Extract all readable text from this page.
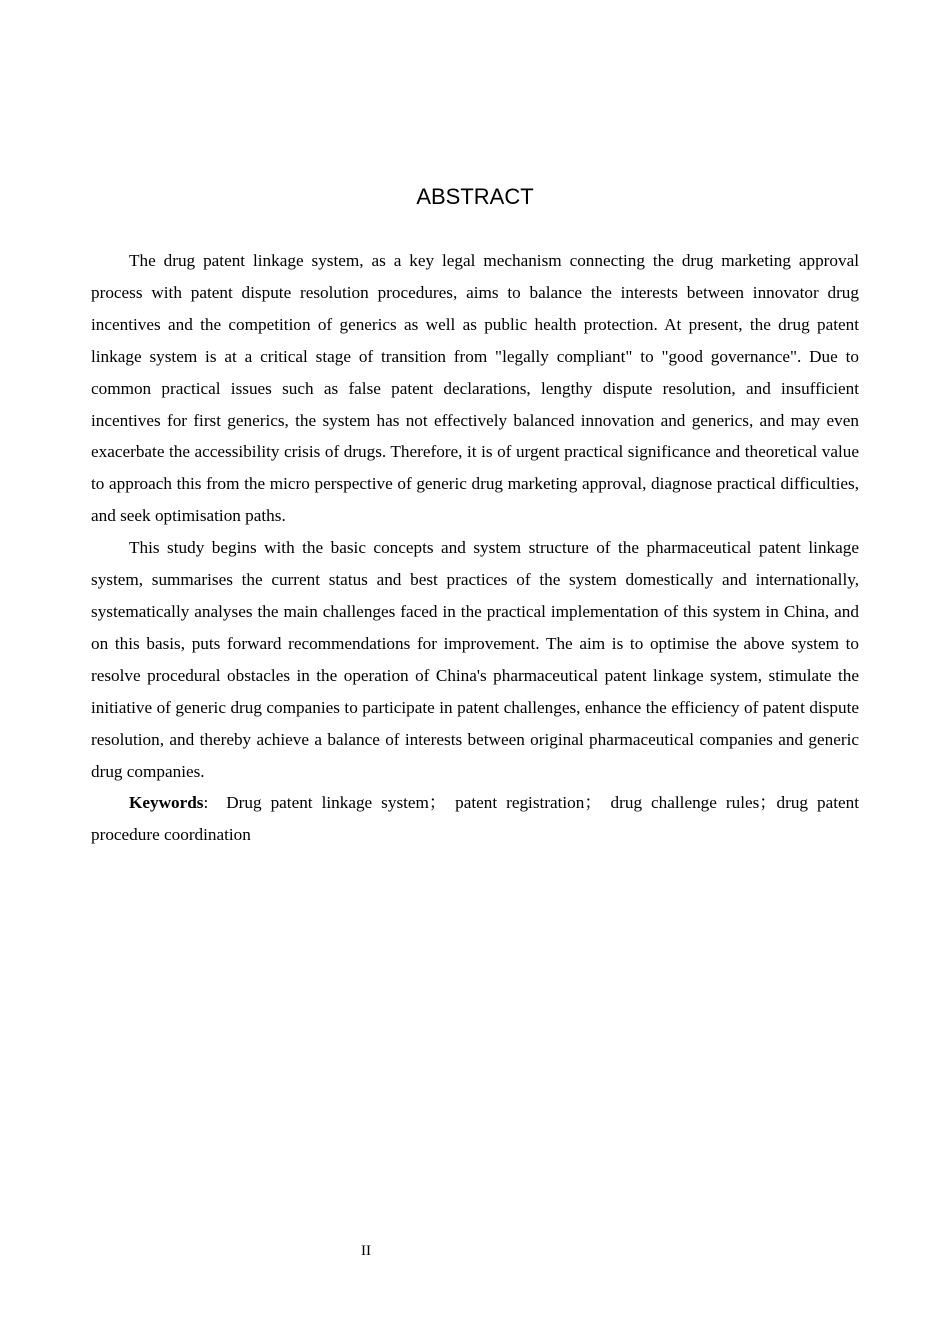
ABSTRACT

The drug patent linkage system, as a key legal mechanism connecting the drug marketing approval process with patent dispute resolution procedures, aims to balance the interests between innovator drug incentives and the competition of generics as well as public health protection. At present, the drug patent linkage system is at a critical stage of transition from "legally compliant" to "good governance". Due to common practical issues such as false patent declarations, lengthy dispute resolution, and insufficient incentives for first generics, the system has not effectively balanced innovation and generics, and may even exacerbate the accessibility crisis of drugs. Therefore, it is of urgent practical significance and theoretical value to approach this from the micro perspective of generic drug marketing approval, diagnose practical difficulties, and seek optimisation paths.

This study begins with the basic concepts and system structure of the pharmaceutical patent linkage system, summarises the current status and best practices of the system domestically and internationally, systematically analyses the main challenges faced in the practical implementation of this system in China, and on this basis, puts forward recommendations for improvement. The aim is to optimise the above system to resolve procedural obstacles in the operation of China's pharmaceutical patent linkage system, stimulate the initiative of generic drug companies to participate in patent challenges, enhance the efficiency of patent dispute resolution, and thereby achieve a balance of interests between original pharmaceutical companies and generic drug companies.

Keywords: Drug patent linkage system； patent registration； drug challenge rules；drug patent procedure coordination

II
